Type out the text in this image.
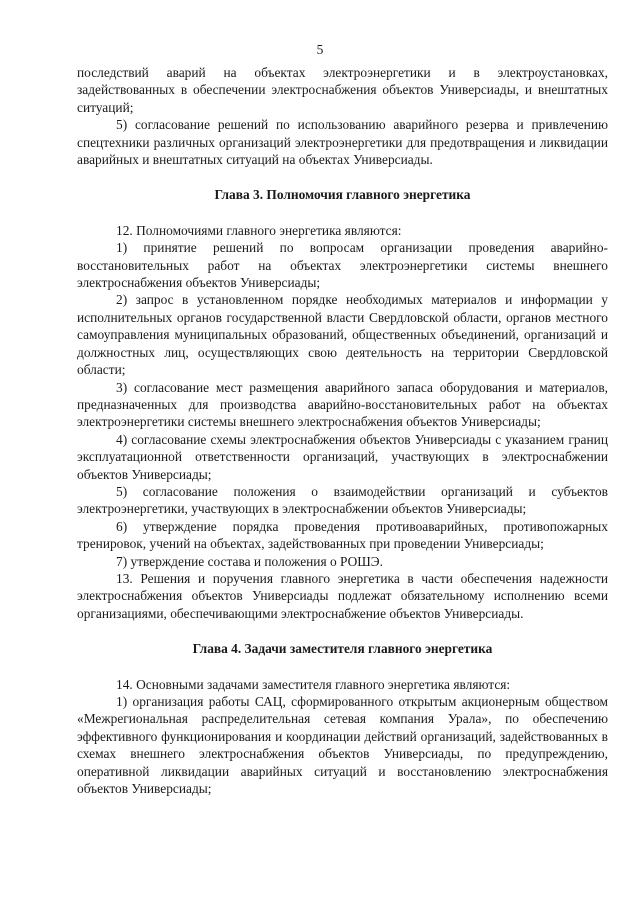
5

последствий аварий на объектах электроэнергетики и в электроустановках, задействованных в обеспечении электроснабжения объектов Универсиады, и внештатных ситуаций;

5) согласование решений по использованию аварийного резерва и привлечению спецтехники различных организаций электроэнергетики для предотвращения и ликвидации аварийных и внештатных ситуаций на объектах Универсиады.

Глава 3. Полномочия главного энергетика

12. Полномочиями главного энергетика являются:

1) принятие решений по вопросам организации проведения аварийно-восстановительных работ на объектах электроэнергетики системы внешнего электроснабжения объектов Универсиады;

2) запрос в установленном порядке необходимых материалов и информации у исполнительных органов государственной власти Свердловской области, органов местного самоуправления муниципальных образований, общественных объединений, организаций и должностных лиц, осуществляющих свою деятельность на территории Свердловской области;

3) согласование мест размещения аварийного запаса оборудования и материалов, предназначенных для производства аварийно-восстановительных работ на объектах электроэнергетики системы внешнего электроснабжения объектов Универсиады;

4) согласование схемы электроснабжения объектов Универсиады с указанием границ эксплуатационной ответственности организаций, участвующих в электроснабжении объектов Универсиады;

5) согласование положения о взаимодействии организаций и субъектов электроэнергетики, участвующих в электроснабжении объектов Универсиады;

6) утверждение порядка проведения противоаварийных, противопожарных тренировок, учений на объектах, задействованных при проведении Универсиады;

7) утверждение состава и положения о РОШЭ.

13. Решения и поручения главного энергетика в части обеспечения надежности электроснабжения объектов Универсиады подлежат обязательному исполнению всеми организациями, обеспечивающими электроснабжение объектов Универсиады.

Глава 4. Задачи заместителя главного энергетика

14. Основными задачами заместителя главного энергетика являются:

1) организация работы САЦ, сформированного открытым акционерным обществом «Межрегиональная распределительная сетевая компания Урала», по обеспечению эффективного функционирования и координации действий организаций, задействованных в схемах внешнего электроснабжения объектов Универсиады, по предупреждению, оперативной ликвидации аварийных ситуаций и восстановлению электроснабжения объектов Универсиады;
